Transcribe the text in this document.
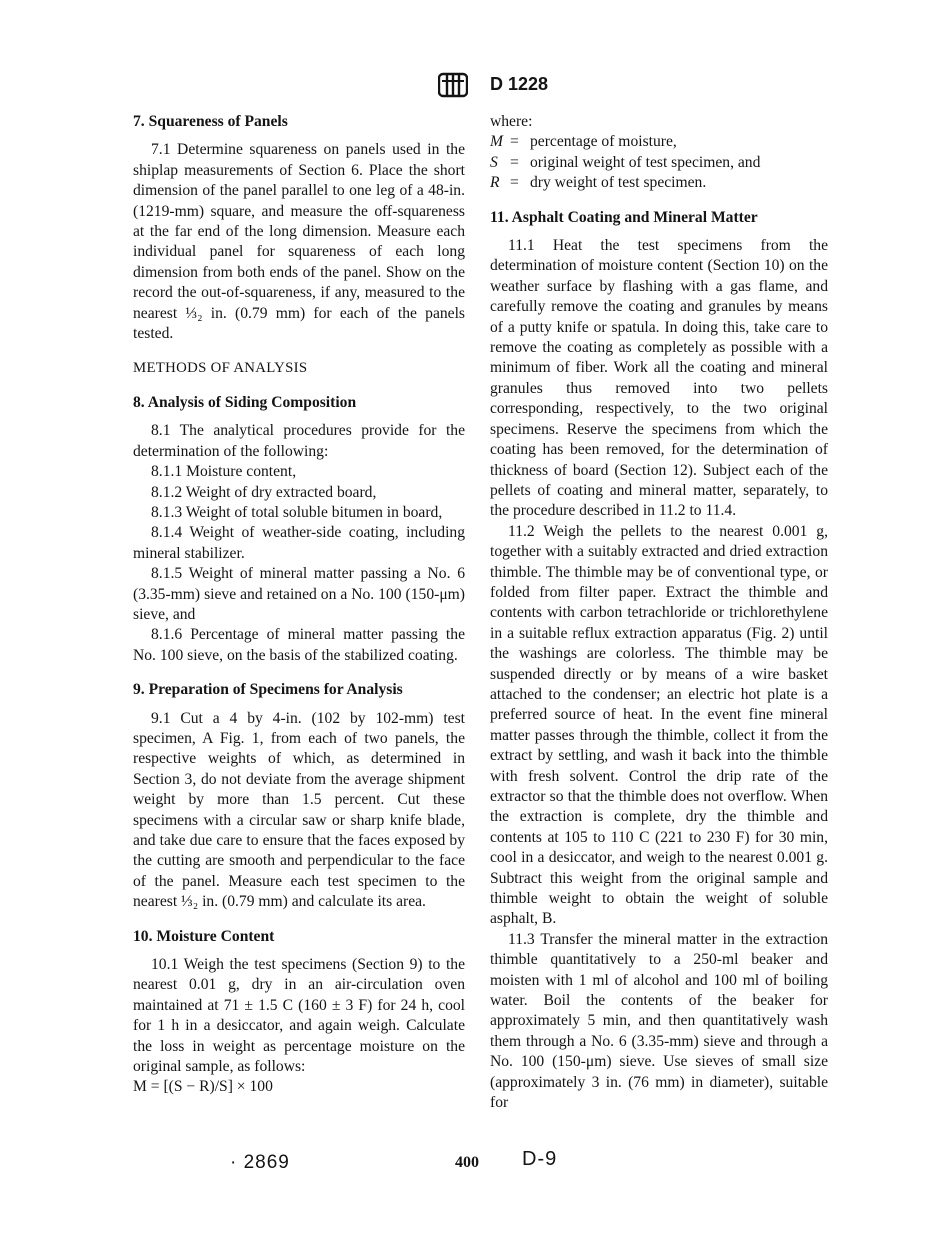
D 1228
7. Squareness of Panels

7.1 Determine squareness on panels used in the shiplap measurements of Section 6. Place the short dimension of the panel parallel to one leg of a 48-in. (1219-mm) square, and measure the off-squareness at the far end of the long dimension. Measure each individual panel for squareness of each long dimension from both ends of the panel. Show on the record the out-of-squareness, if any, measured to the nearest ⅓₂ in. (0.79 mm) for each of the panels tested.

METHODS OF ANALYSIS

8. Analysis of Siding Composition

8.1 The analytical procedures provide for the determination of the following:

8.1.1 Moisture content,

8.1.2 Weight of dry extracted board,

8.1.3 Weight of total soluble bitumen in board,

8.1.4 Weight of weather-side coating, including mineral stabilizer.

8.1.5 Weight of mineral matter passing a No. 6 (3.35-mm) sieve and retained on a No. 100 (150-μm) sieve, and

8.1.6 Percentage of mineral matter passing the No. 100 sieve, on the basis of the stabilized coating.

9. Preparation of Specimens for Analysis

9.1 Cut a 4 by 4-in. (102 by 102-mm) test specimen, A Fig. 1, from each of two panels, the respective weights of which, as determined in Section 3, do not deviate from the average shipment weight by more than 1.5 percent. Cut these specimens with a circular saw or sharp knife blade, and take due care to ensure that the faces exposed by the cutting are smooth and perpendicular to the face of the panel. Measure each test specimen to the nearest ⅓₂ in. (0.79 mm) and calculate its area.

10. Moisture Content

10.1 Weigh the test specimens (Section 9) to the nearest 0.01 g, dry in an air-circulation oven maintained at 71 ± 1.5 C (160 ± 3 F) for 24 h, cool for 1 h in a desiccator, and again weigh. Calculate the loss in weight as percentage moisture on the original sample, as follows:

M = [(S − R)/S] × 100

where:

M = percentage of moisture,
S = original weight of test specimen, and
R = dry weight of test specimen.
11. Asphalt Coating and Mineral Matter

11.1 Heat the test specimens from the determination of moisture content (Section 10) on the weather surface by flashing with a gas flame, and carefully remove the coating and granules by means of a putty knife or spatula. In doing this, take care to remove the coating as completely as possible with a minimum of fiber. Work all the coating and mineral granules thus removed into two pellets corresponding, respectively, to the two original specimens. Reserve the specimens from which the coating has been removed, for the determination of thickness of board (Section 12). Subject each of the pellets of coating and mineral matter, separately, to the procedure described in 11.2 to 11.4.

11.2 Weigh the pellets to the nearest 0.001 g, together with a suitably extracted and dried extraction thimble. The thimble may be of conventional type, or folded from filter paper. Extract the thimble and contents with carbon tetrachloride or trichlorethylene in a suitable reflux extraction apparatus (Fig. 2) until the washings are colorless. The thimble may be suspended directly or by means of a wire basket attached to the condenser; an electric hot plate is a preferred source of heat. In the event fine mineral matter passes through the thimble, collect it from the extract by settling, and wash it back into the thimble with fresh solvent. Control the drip rate of the extractor so that the thimble does not overflow. When the extraction is complete, dry the thimble and contents at 105 to 110 C (221 to 230 F) for 30 min, cool in a desiccator, and weigh to the nearest 0.001 g. Subtract this weight from the original sample and thimble weight to obtain the weight of soluble asphalt, B.

11.3 Transfer the mineral matter in the extraction thimble quantitatively to a 250-ml beaker and moisten with 1 ml of alcohol and 100 ml of boiling water. Boil the contents of the beaker for approximately 5 min, and then quantitatively wash them through a No. 6 (3.35-mm) sieve and through a No. 100 (150-μm) sieve. Use sieves of small size (approximately 3 in. (76 mm) in diameter), suitable for

· 2869	400 D-9
